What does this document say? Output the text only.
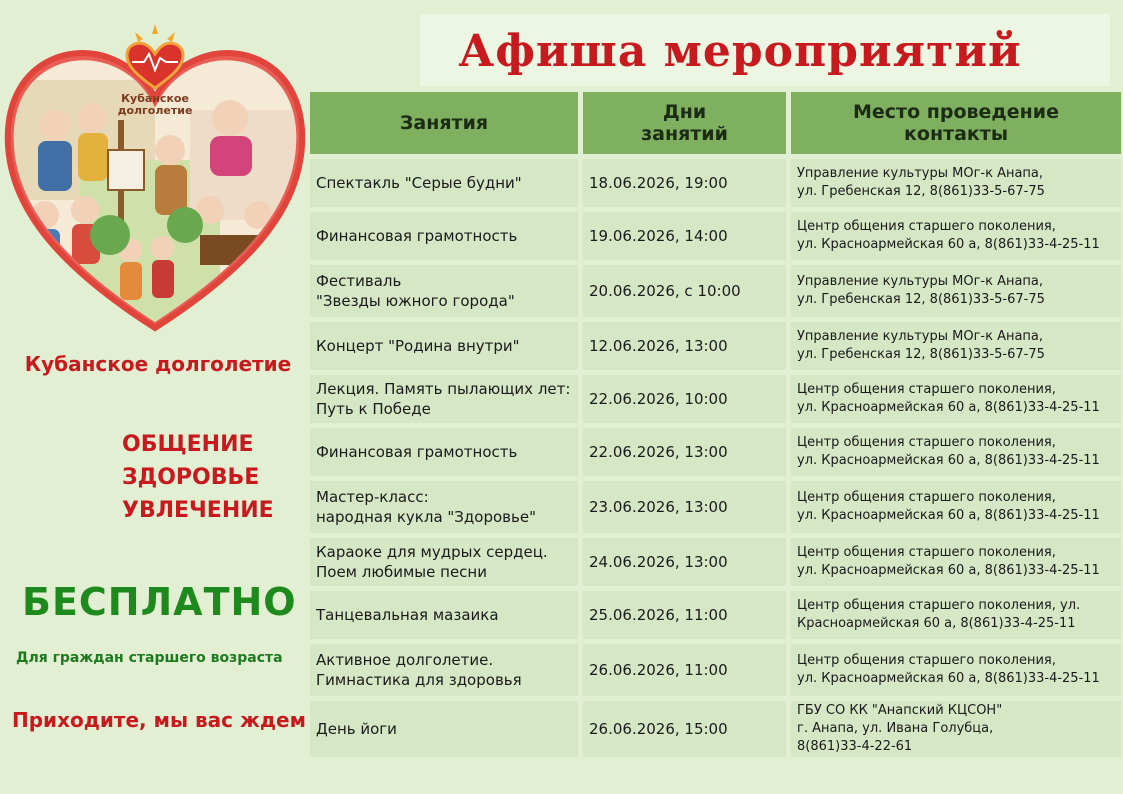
Афиша мероприятий
Кубанское
долголетие
Кубанское долголетие
ОБЩЕНИЕ
ЗДОРОВЬЕ
УВЛЕЧЕНИЕ
БЕСПЛАТНО
Для граждан старшего возраста
Приходите, мы вас ждем
Занятия	Дни
занятий	Место проведение
контакты
Спектакль "Серые будни"	18.06.2026, 19:00	Управление культуры МОг-к Анапа,
ул. Гребенская 12, 8(861)33-5-67-75
Финансовая грамотность	19.06.2026, 14:00	Центр общения старшего поколения,
ул. Красноармейская 60 а, 8(861)33-4-25-11
Фестиваль
"Звезды южного города"	20.06.2026, с 10:00	Управление культуры МОг-к Анапа,
ул. Гребенская 12, 8(861)33-5-67-75
Концерт "Родина внутри"	12.06.2026, 13:00	Управление культуры МОг-к Анапа,
ул. Гребенская 12, 8(861)33-5-67-75
Лекция. Память пылающих лет:
Путь к Победе	22.06.2026, 10:00	Центр общения старшего поколения,
ул. Красноармейская 60 а, 8(861)33-4-25-11
Финансовая грамотность	22.06.2026, 13:00	Центр общения старшего поколения,
ул. Красноармейская 60 а, 8(861)33-4-25-11
Мастер-класс:
народная кукла "Здоровье"	23.06.2026, 13:00	Центр общения старшего поколения,
ул. Красноармейская 60 а, 8(861)33-4-25-11
Караоке для мудрых сердец.
Поем любимые песни	24.06.2026, 13:00	Центр общения старшего поколения,
ул. Красноармейская 60 а, 8(861)33-4-25-11
Танцевальная мазаика	25.06.2026, 11:00	Центр общения старшего поколения, ул.
Красноармейская 60 а, 8(861)33-4-25-11
Активное долголетие.
Гимнастика для здоровья	26.06.2026, 11:00	Центр общения старшего поколения,
ул. Красноармейская 60 а, 8(861)33-4-25-11
День йоги	26.06.2026, 15:00	ГБУ СО КК "Анапский КЦСОН"
г. Анапа, ул. Ивана Голубца,
8(861)33-4-22-61
